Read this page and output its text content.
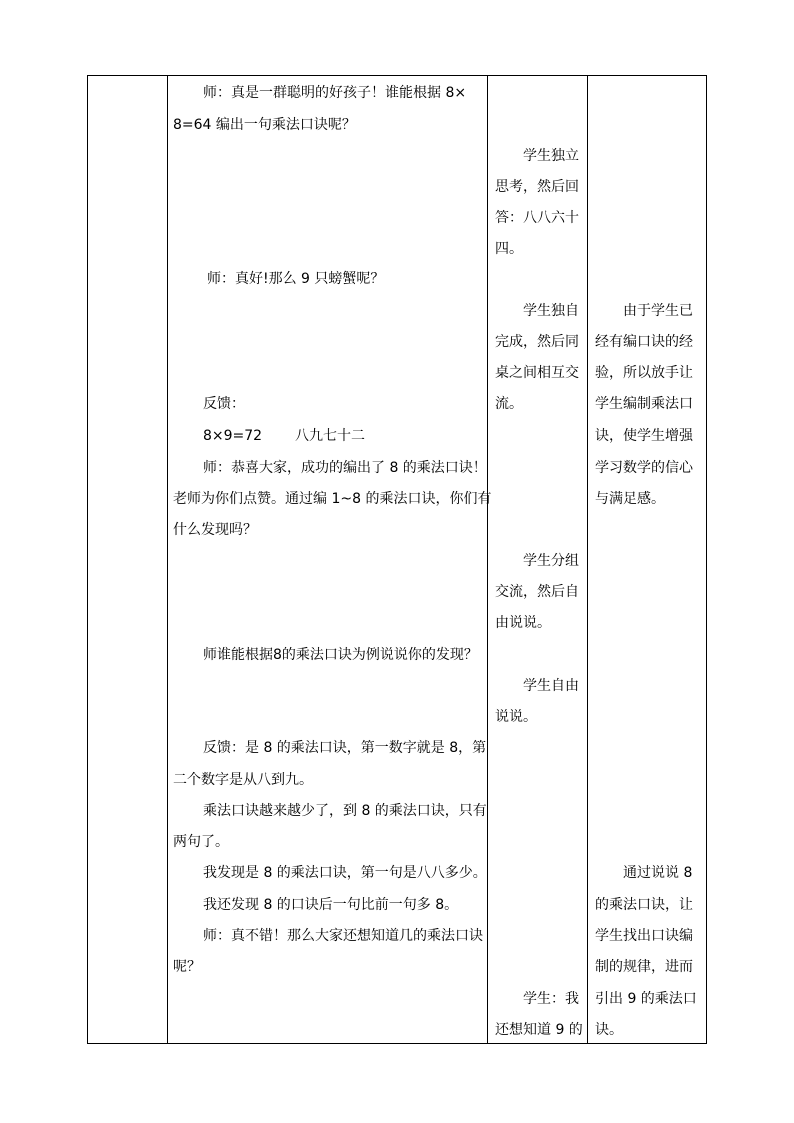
师：真是一群聪明的好孩子！谁能根据 8×
8=64 编出一句乘法口诀呢？
师：真好!那么 9 只螃蟹呢？
反馈：
8×9=72 八九七十二
师：恭喜大家，成功的编出了 8 的乘法口诀！
老师为你们点赞。通过编 1~8 的乘法口诀，你们有
什么发现吗？
师谁能根据8的乘法口诀为例说说你的发现？
反馈：是 8 的乘法口诀，第一数字就是 8，第
二个数字是从八到九。
乘法口诀越来越少了，到 8 的乘法口诀，只有
两句了。
我发现是 8 的乘法口诀，第一句是八八多少。
我还发现 8 的口诀后一句比前一句多 8。
师：真不错！那么大家还想知道几的乘法口诀
呢？
学生独立
思考，然后回
答：八八六十
四。
学生独自
完成，然后同
桌之间相互交
流。
学生分组
交流，然后自
由说说。
学生自由
说说。
学生：我
还想知道 9 的
由于学生已
经有编口诀的经
验，所以放手让
学生编制乘法口
诀，使学生增强
学习数学的信心
与满足感。
通过说说 8
的乘法口诀，让
学生找出口诀编
制的规律，进而
引出 9 的乘法口
诀。
